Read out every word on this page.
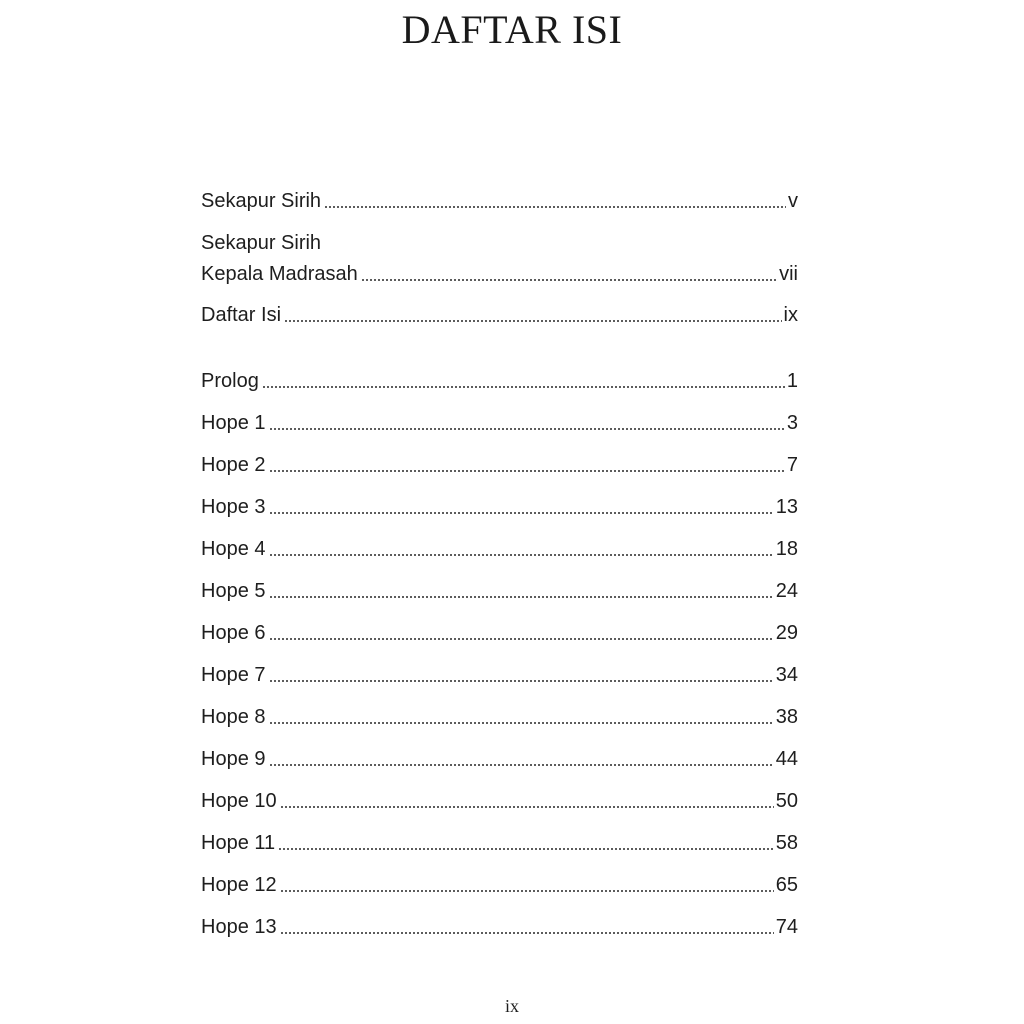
DAFTAR ISI
Sekapur Sirih	v
Sekapur Sirih
Kepala Madrasah	vii
Daftar Isi	ix
Prolog	1
Hope 1	3
Hope 2	7
Hope 3	13
Hope 4	18
Hope 5	24
Hope 6	29
Hope 7	34
Hope 8	38
Hope 9	44
Hope 10	50
Hope 11	58
Hope 12	65
Hope 13	74
ix
